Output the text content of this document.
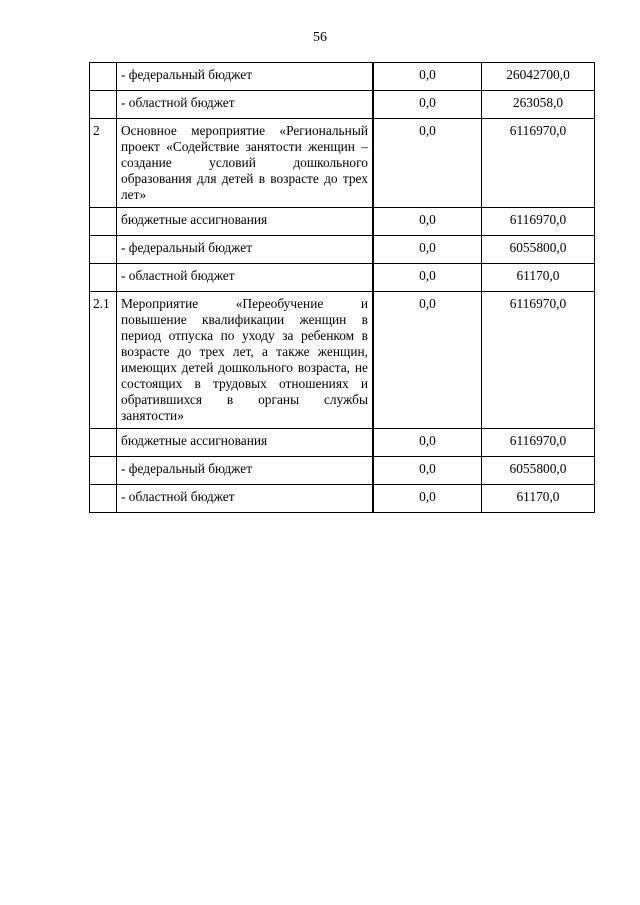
56
	- федеральный бюджет	0,0	26042700,0
	- областной бюджет	0,0	263058,0
2	Основное мероприятие «Региональный проект «Содействие занятости женщин – создание условий дошкольного образования для детей в возрасте до трех лет»	0,0	6116970,0
	бюджетные ассигнования	0,0	6116970,0
	- федеральный бюджет	0,0	6055800,0
	- областной бюджет	0,0	61170,0
2.1	Мероприятие «Переобучение и повышение квалификации женщин в период отпуска по уходу за ребенком в возрасте до трех лет, а также женщин, имеющих детей дошкольного возраста, не состоящих в трудовых отношениях и обратившихся в органы службы занятости»	0,0	6116970,0
	бюджетные ассигнования	0,0	6116970,0
	- федеральный бюджет	0,0	6055800,0
	- областной бюджет	0,0	61170,0
